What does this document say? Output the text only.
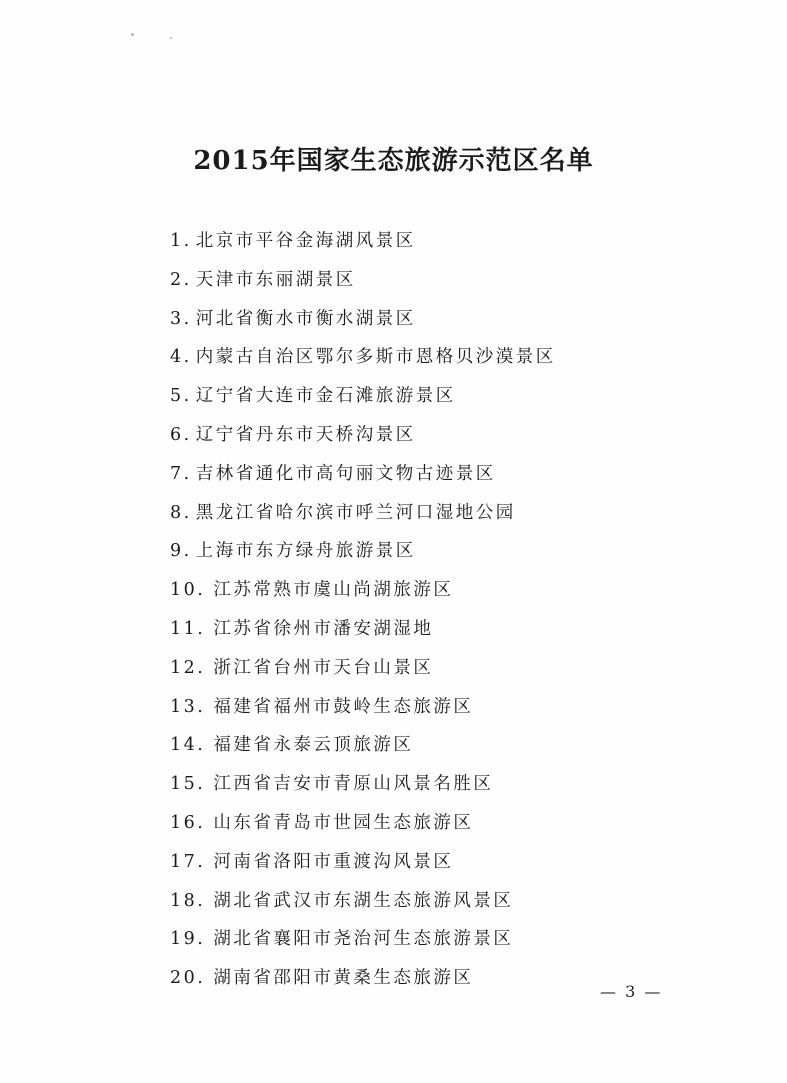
2015年国家生态旅游示范区名单
1. 北京市平谷金海湖风景区
2. 天津市东丽湖景区
3. 河北省衡水市衡水湖景区
4. 内蒙古自治区鄂尔多斯市恩格贝沙漠景区
5. 辽宁省大连市金石滩旅游景区
6. 辽宁省丹东市天桥沟景区
7. 吉林省通化市高句丽文物古迹景区
8. 黑龙江省哈尔滨市呼兰河口湿地公园
9. 上海市东方绿舟旅游景区
10. 江苏常熟市虞山尚湖旅游区
11. 江苏省徐州市潘安湖湿地
12. 浙江省台州市天台山景区
13. 福建省福州市鼓岭生态旅游区
14. 福建省永泰云顶旅游区
15. 江西省吉安市青原山风景名胜区
16. 山东省青岛市世园生态旅游区
17. 河南省洛阳市重渡沟风景区
18. 湖北省武汉市东湖生态旅游风景区
19. 湖北省襄阳市尧治河生态旅游景区
20. 湖南省邵阳市黄桑生态旅游区
— 3 —
